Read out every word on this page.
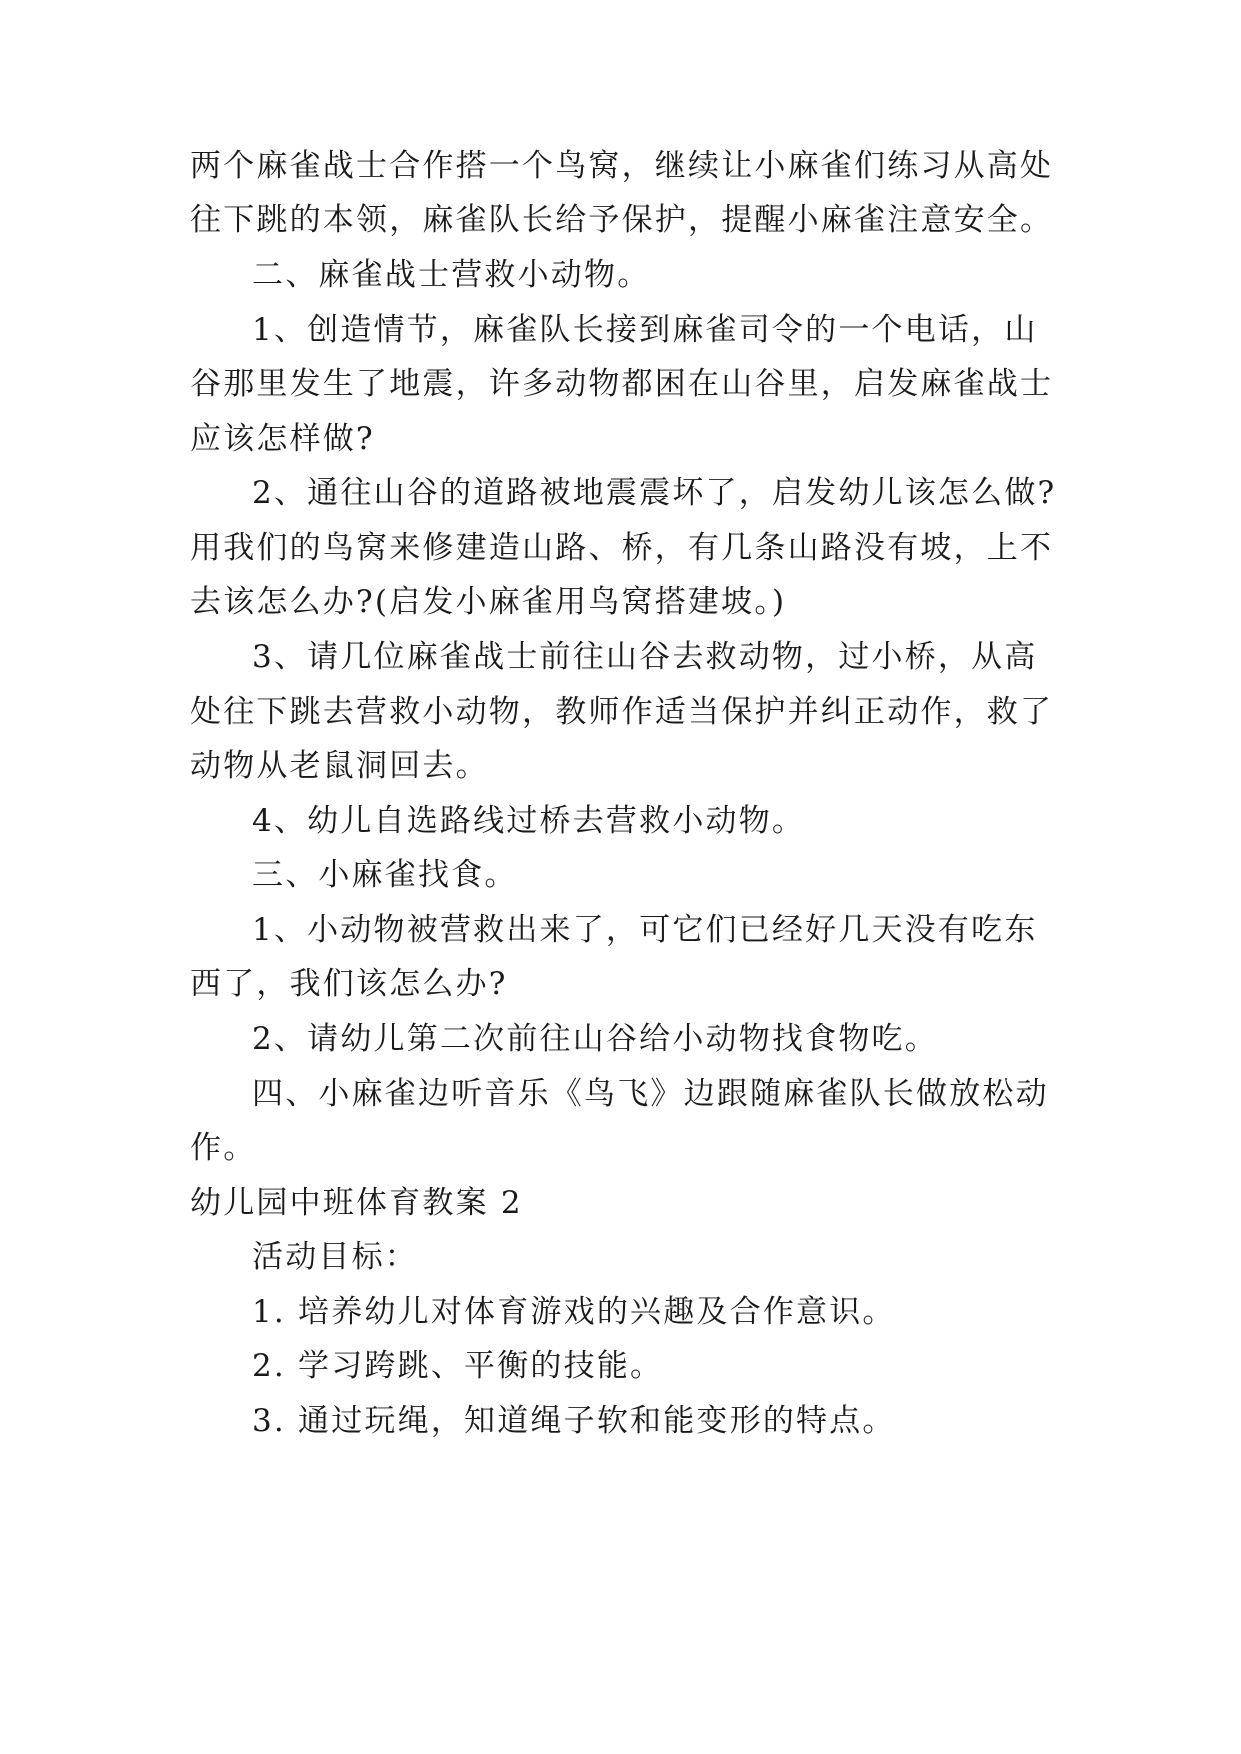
两个麻雀战士合作搭一个鸟窝，继续让小麻雀们练习从高处
往下跳的本领，麻雀队长给予保护，提醒小麻雀注意安全。
二、麻雀战士营救小动物。
1、创造情节，麻雀队长接到麻雀司令的一个电话，山
谷那里发生了地震，许多动物都困在山谷里，启发麻雀战士
应该怎样做?
2、通往山谷的道路被地震震坏了，启发幼儿该怎么做?
用我们的鸟窝来修建造山路、桥，有几条山路没有坡，上不
去该怎么办?(启发小麻雀用鸟窝搭建坡。)
3、请几位麻雀战士前往山谷去救动物，过小桥，从高
处往下跳去营救小动物，教师作适当保护并纠正动作，救了
动物从老鼠洞回去。
4、幼儿自选路线过桥去营救小动物。
三、小麻雀找食。
1、小动物被营救出来了，可它们已经好几天没有吃东
西了，我们该怎么办?
2、请幼儿第二次前往山谷给小动物找食物吃。
四、小麻雀边听音乐《鸟飞》边跟随麻雀队长做放松动
作。
幼儿园中班体育教案 2
活动目标：
1. 培养幼儿对体育游戏的兴趣及合作意识。
2. 学习跨跳、平衡的技能。
3. 通过玩绳，知道绳子软和能变形的特点。
